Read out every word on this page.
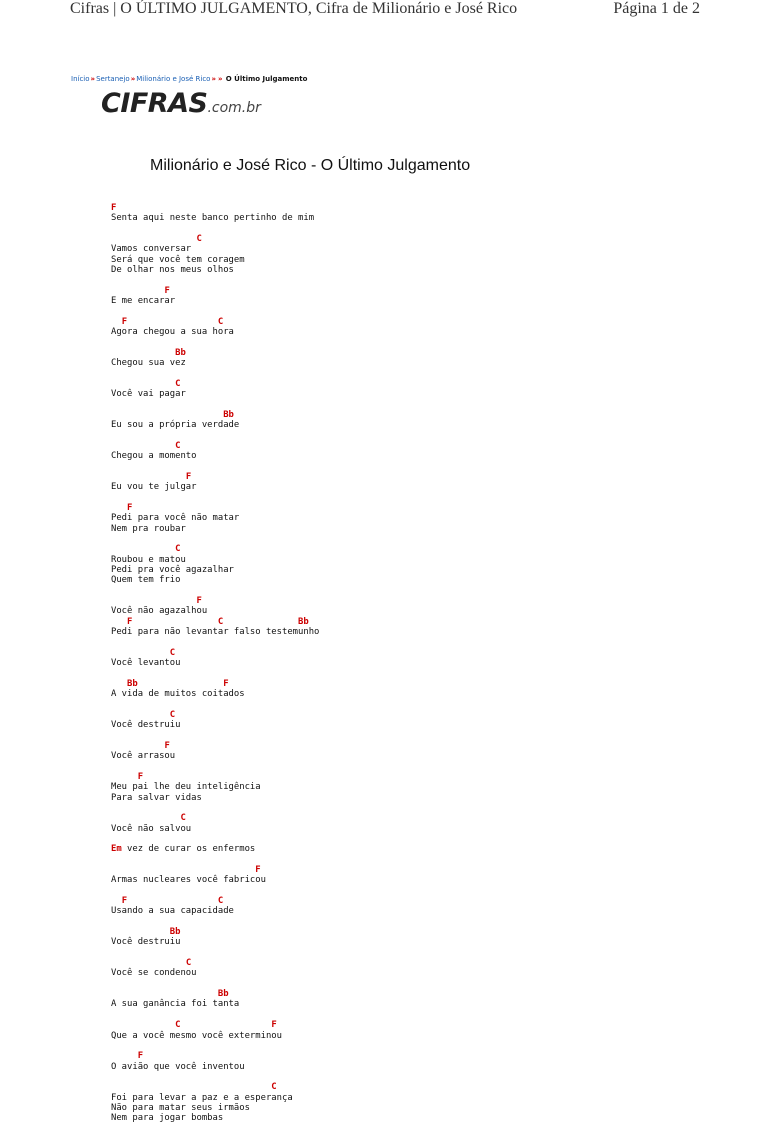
Cifras | O ÚLTIMO JULGAMENTO, Cifra de Milionário e José Rico	Página 1 de 2
Início»Sertanejo»Milionário e José Rico» » O Último Julgamento
CIFRAS.com.br
Milionário e José Rico - O Último Julgamento
F
Senta aqui neste banco pertinho de mim

C
Vamos conversar
Será que você tem coragem
De olhar nos meus olhos

F
E me encarar

F	C
Agora chegou a sua hora

Bb
Chegou sua vez

C
Você vai pagar

Bb
Eu sou a própria verdade

C
Chegou a momento

F
Eu vou te julgar

F
Pedi para você não matar
Nem pra roubar

C
Roubou e matou
Pedi pra você agazalhar
Quem tem frio

F
Você não agazalhou
F	C	Bb
Pedi para não levantar falso testemunho

C
Você levantou

Bb	F
A vida de muitos coitados

C
Você destruiu

F
Você arrasou

F
Meu pai lhe deu inteligência
Para salvar vidas

C
Você não salvou

Em vez de curar os enfermos

F
Armas nucleares você fabricou

F	C
Usando a sua capacidade

Bb
Você destruiu

C
Você se condenou

Bb
A sua ganância foi tanta

C	F
Que a você mesmo você exterminou

F
O avião que você inventou

C
Foi para levar a paz e a esperança
Não para matar seus irmãos
Nem para jogar bombas
